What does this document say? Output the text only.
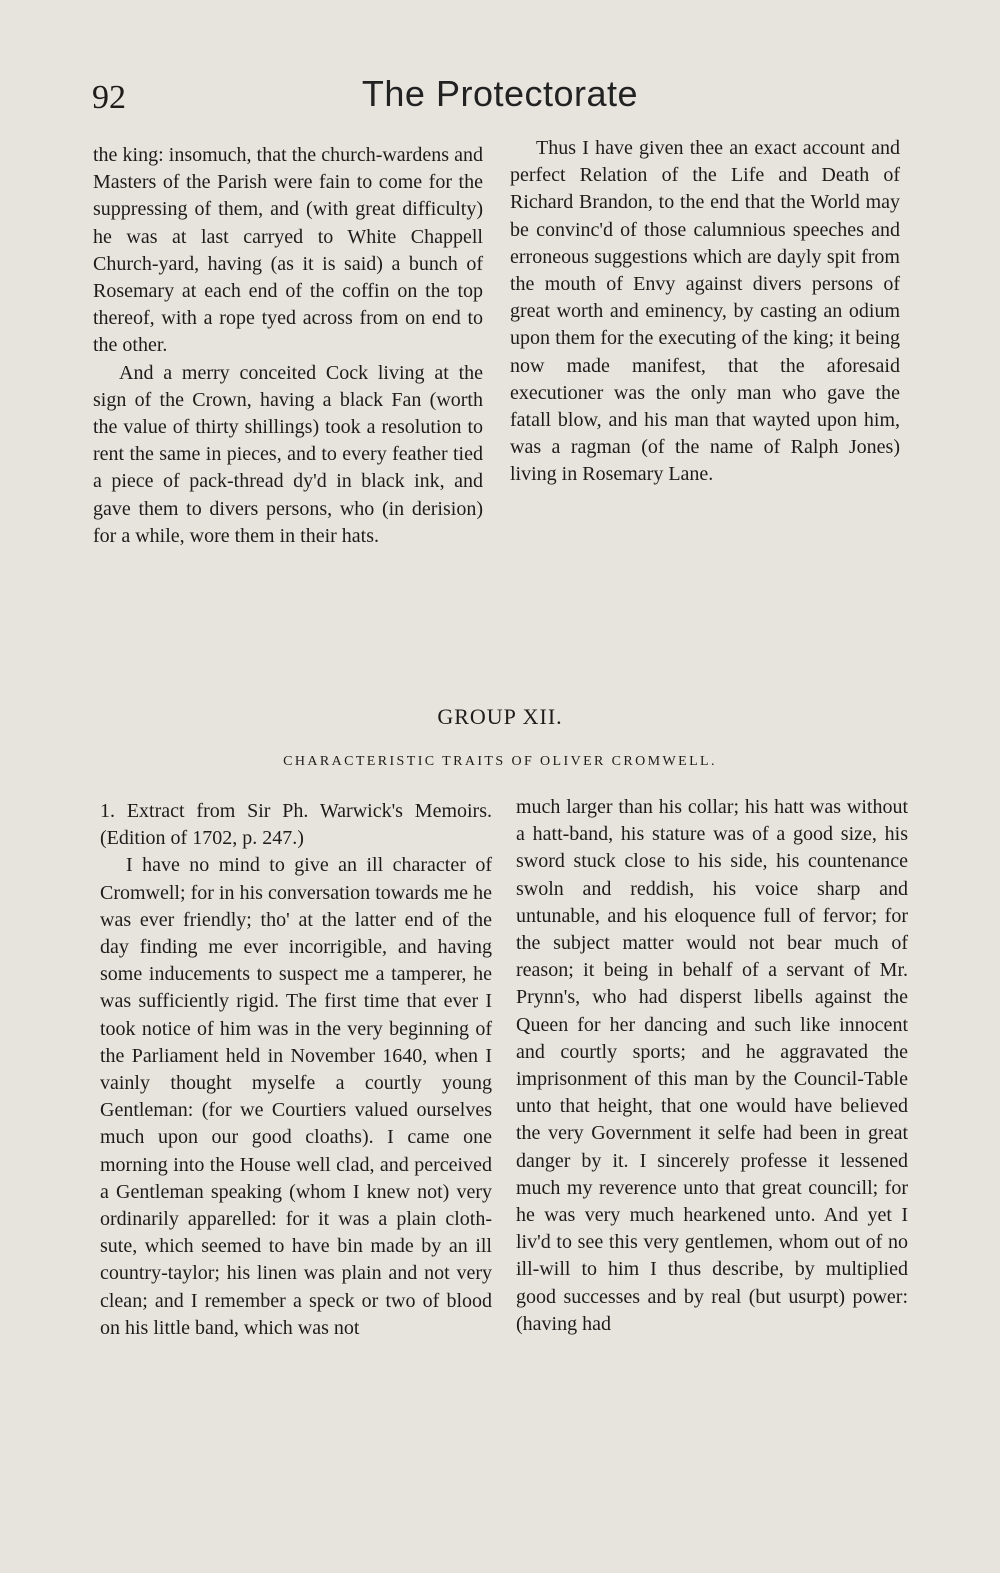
92	The Protectorate

the king: insomuch, that the church-wardens and Masters of the Parish were fain to come for the suppressing of them, and (with great difficulty) he was at last carryed to White Chappell Church-yard, having (as it is said) a bunch of Rosemary at each end of the coffin on the top thereof, with a rope tyed across from on end to the other.

And a merry conceited Cock living at the sign of the Crown, having a black Fan (worth the value of thirty shillings) took a resolution to rent the same in pieces, and to every feather tied a piece of pack-thread dy'd in black ink, and gave them to divers persons, who (in derision) for a while, wore them in their hats.

Thus I have given thee an exact account and perfect Relation of the Life and Death of Richard Brandon, to the end that the World may be convinc'd of those calumnious speeches and erroneous suggestions which are dayly spit from the mouth of Envy against divers persons of great worth and eminency, by casting an odium upon them for the executing of the king; it being now made manifest, that the aforesaid executioner was the only man who gave the fatall blow, and his man that wayted upon him, was a ragman (of the name of Ralph Jones) living in Rosemary Lane.

GROUP XII.
CHARACTERISTIC TRAITS OF OLIVER CROMWELL.

1. Extract from Sir Ph. Warwick's Memoirs. (Edition of 1702, p. 247.)

I have no mind to give an ill character of Cromwell; for in his conversation towards me he was ever friendly; tho' at the latter end of the day finding me ever incorrigible, and having some inducements to suspect me a tamperer, he was sufficiently rigid. The first time that ever I took notice of him was in the very beginning of the Parliament held in November 1640, when I vainly thought myselfe a courtly young Gentleman: (for we Courtiers valued ourselves much upon our good cloaths). I came one morning into the House well clad, and perceived a Gentleman speaking (whom I knew not) very ordinarily apparelled: for it was a plain cloth-sute, which seemed to have bin made by an ill country-taylor; his linen was plain and not very clean; and I remember a speck or two of blood on his little band, which was not

much larger than his collar; his hatt was without a hatt-band, his stature was of a good size, his sword stuck close to his side, his countenance swoln and reddish, his voice sharp and untunable, and his eloquence full of fervor; for the subject matter would not bear much of reason; it being in behalf of a servant of Mr. Prynn's, who had disperst libells against the Queen for her dancing and such like innocent and courtly sports; and he aggravated the imprisonment of this man by the Council-Table unto that height, that one would have believed the very Government it selfe had been in great danger by it. I sincerely professe it lessened much my reverence unto that great councill; for he was very much hearkened unto. And yet I liv'd to see this very gentlemen, whom out of no ill-will to him I thus describe, by multiplied good successes and by real (but usurpt) power: (having had
